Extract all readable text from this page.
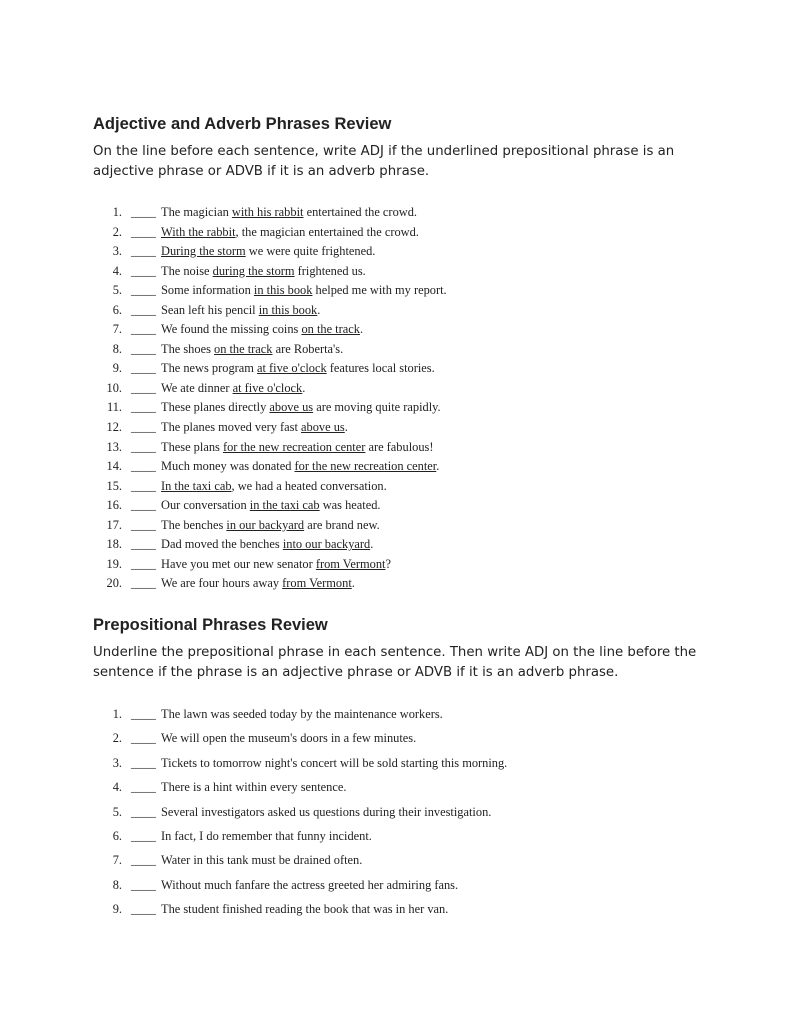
Adjective and Adverb Phrases Review

On the line before each sentence, write ADJ if the underlined prepositional phrase is an adjective phrase or ADVB if it is an adverb phrase.

1. ____ The magician with his rabbit entertained the crowd.
2. ____ With the rabbit, the magician entertained the crowd.
3. ____ During the storm we were quite frightened.
4. ____ The noise during the storm frightened us.
5. ____ Some information in this book helped me with my report.
6. ____ Sean left his pencil in this book.
7. ____ We found the missing coins on the track.
8. ____ The shoes on the track are Roberta's.
9. ____ The news program at five o'clock features local stories.
10. ____ We ate dinner at five o'clock.
11. ____ These planes directly above us are moving quite rapidly.
12. ____ The planes moved very fast above us.
13. ____ These plans for the new recreation center are fabulous!
14. ____ Much money was donated for the new recreation center.
15. ____ In the taxi cab, we had a heated conversation.
16. ____ Our conversation in the taxi cab was heated.
17. ____ The benches in our backyard are brand new.
18. ____ Dad moved the benches into our backyard.
19. ____ Have you met our new senator from Vermont?
20. ____ We are four hours away from Vermont.
Prepositional Phrases Review

Underline the prepositional phrase in each sentence. Then write ADJ on the line before the sentence if the phrase is an adjective phrase or ADVB if it is an adverb phrase.

1. ____ The lawn was seeded today by the maintenance workers.
2. ____ We will open the museum's doors in a few minutes.
3. ____ Tickets to tomorrow night's concert will be sold starting this morning.
4. ____ There is a hint within every sentence.
5. ____ Several investigators asked us questions during their investigation.
6. ____ In fact, I do remember that funny incident.
7. ____ Water in this tank must be drained often.
8. ____ Without much fanfare the actress greeted her admiring fans.
9. ____ The student finished reading the book that was in her van.
